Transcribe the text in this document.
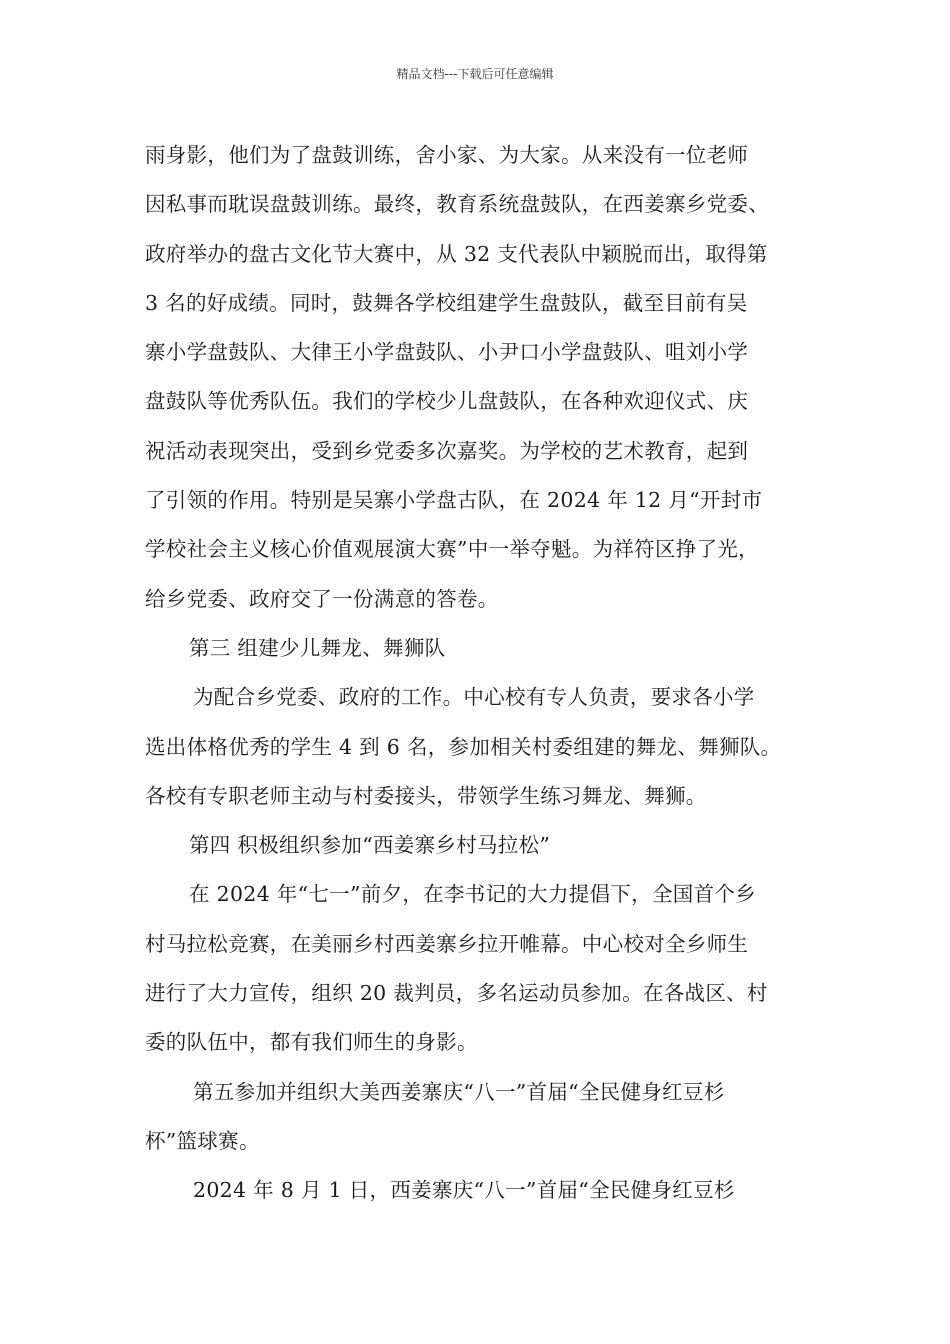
精品文档---下载后可任意编辑
雨身影，他们为了盘鼓训练，舍小家、为大家。从来没有一位老师
因私事而耽误盘鼓训练。最终，教育系统盘鼓队，在西姜寨乡党委、
政府举办的盘古文化节大赛中，从 32 支代表队中颖脱而出，取得第
3 名的好成绩。同时，鼓舞各学校组建学生盘鼓队，截至目前有吴
寨小学盘鼓队、大律王小学盘鼓队、小尹口小学盘鼓队、咀刘小学
盘鼓队等优秀队伍。我们的学校少儿盘鼓队，在各种欢迎仪式、庆
祝活动表现突出，受到乡党委多次嘉奖。为学校的艺术教育，起到
了引领的作用。特别是吴寨小学盘古队，在 2024 年 12 月“开封市
学校社会主义核心价值观展演大赛”中一举夺魁。为祥符区挣了光，
给乡党委、政府交了一份满意的答卷。
第三 组建少儿舞龙、舞狮队
为配合乡党委、政府的工作。中心校有专人负责，要求各小学
选出体格优秀的学生 4 到 6 名，参加相关村委组建的舞龙、舞狮队。
各校有专职老师主动与村委接头，带领学生练习舞龙、舞狮。
第四 积极组织参加“西姜寨乡村马拉松”
在 2024 年“七一”前夕，在李书记的大力提倡下，全国首个乡
村马拉松竞赛，在美丽乡村西姜寨乡拉开帷幕。中心校对全乡师生
进行了大力宣传，组织 20 裁判员，多名运动员参加。在各战区、村
委的队伍中，都有我们师生的身影。
第五参加并组织大美西姜寨庆“八一”首届“全民健身红豆杉
杯”篮球赛。
2024 年 8 月 1 日，西姜寨庆“八一”首届“全民健身红豆杉
